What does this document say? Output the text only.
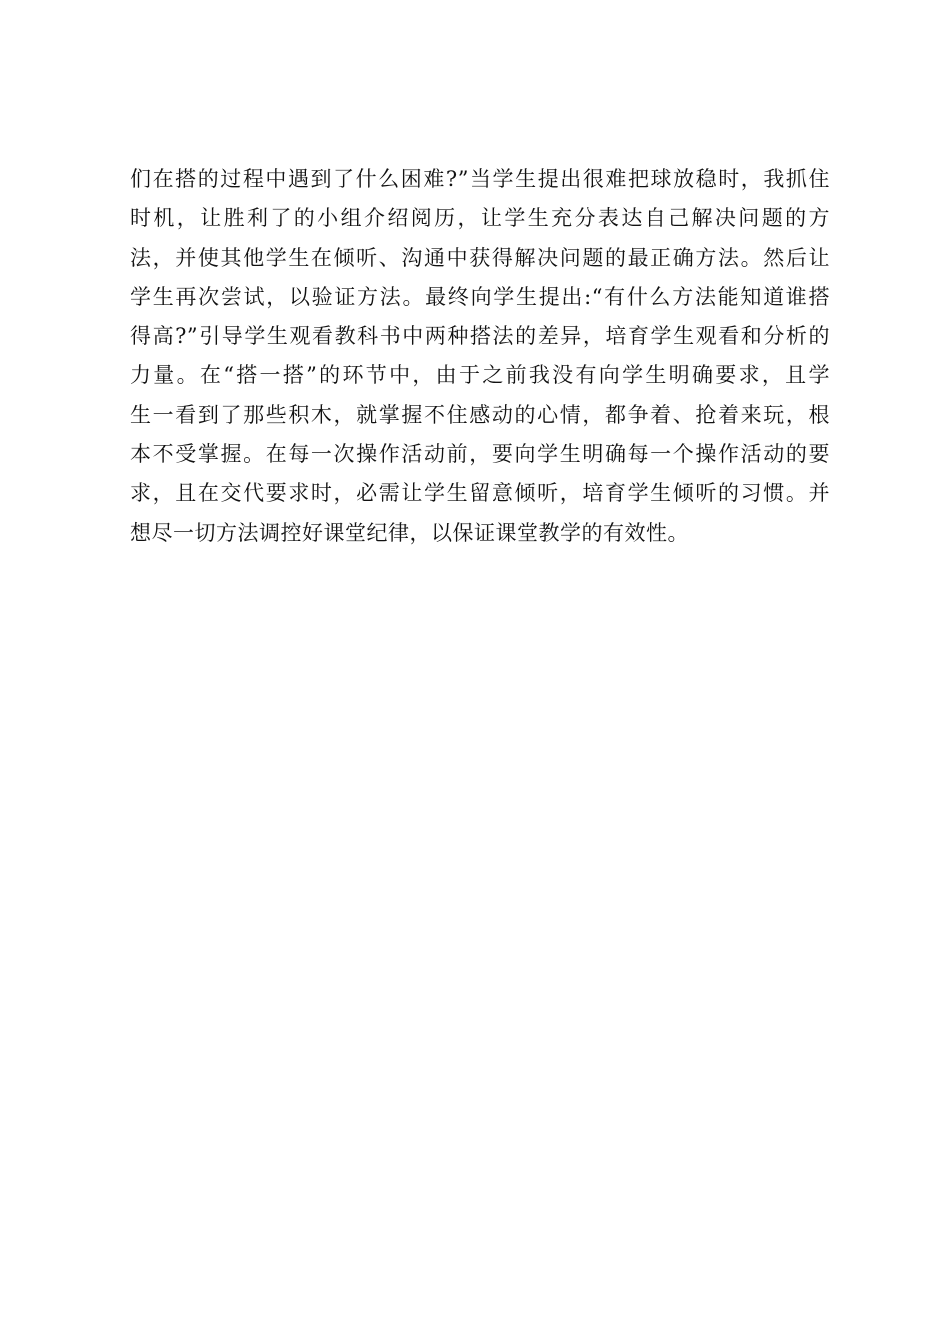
们在搭的过程中遇到了什么困难?”当学生提出很难把球放稳时，我抓住
时机，让胜利了的小组介绍阅历，让学生充分表达自己解决问题的方
法，并使其他学生在倾听、沟通中获得解决问题的最正确方法。然后让
学生再次尝试，以验证方法。最终向学生提出:“有什么方法能知道谁搭
得高?”引导学生观看教科书中两种搭法的差异，培育学生观看和分析的
力量。在“搭一搭”的环节中，由于之前我没有向学生明确要求，且学
生一看到了那些积木，就掌握不住感动的心情，都争着、抢着来玩，根
本不受掌握。在每一次操作活动前，要向学生明确每一个操作活动的要
求，且在交代要求时，必需让学生留意倾听，培育学生倾听的习惯。并
想尽一切方法调控好课堂纪律，以保证课堂教学的有效性。
